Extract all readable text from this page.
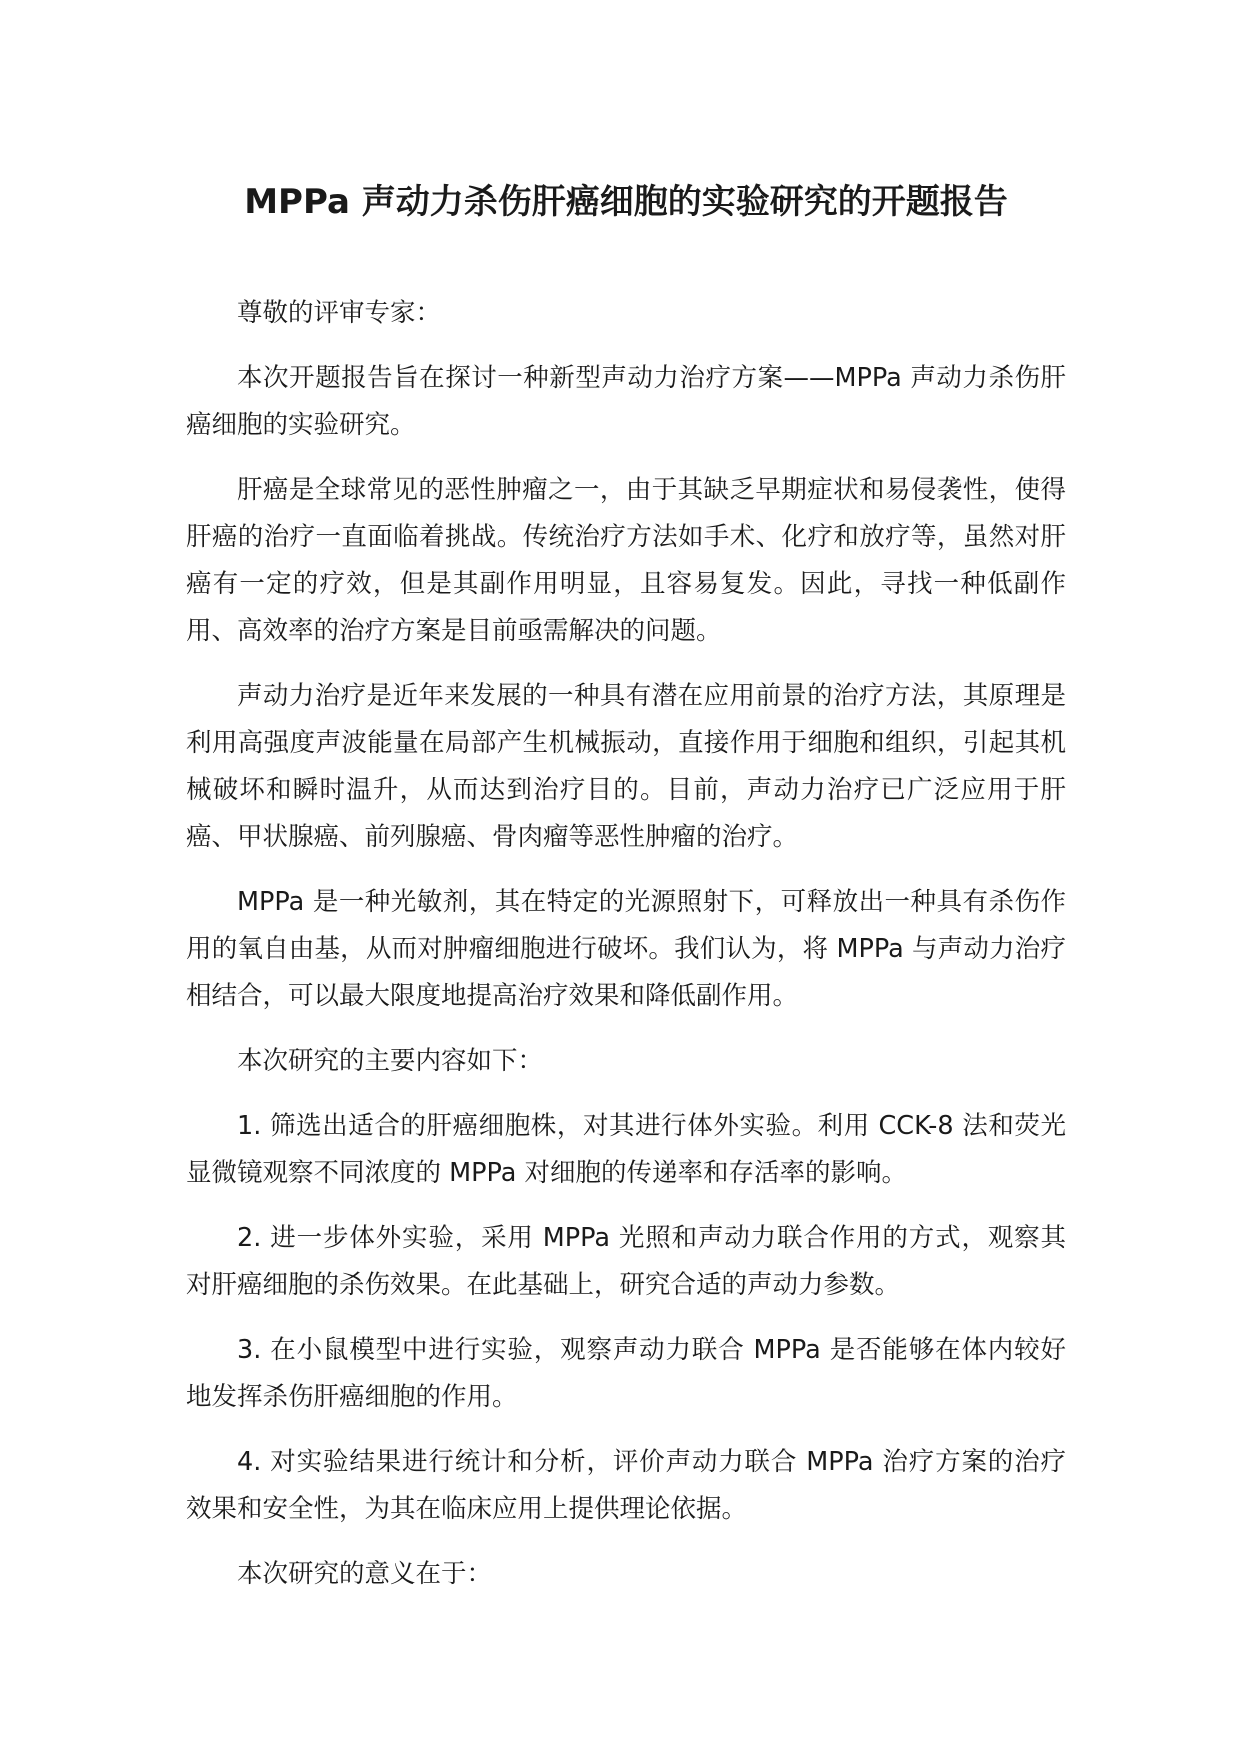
MPPa 声动力杀伤肝癌细胞的实验研究的开题报告

尊敬的评审专家：

本次开题报告旨在探讨一种新型声动力治疗方案——MPPa 声动力杀伤肝癌细胞的实验研究。

肝癌是全球常见的恶性肿瘤之一，由于其缺乏早期症状和易侵袭性，使得肝癌的治疗一直面临着挑战。传统治疗方法如手术、化疗和放疗等，虽然对肝癌有一定的疗效，但是其副作用明显，且容易复发。因此，寻找一种低副作用、高效率的治疗方案是目前亟需解决的问题。

声动力治疗是近年来发展的一种具有潜在应用前景的治疗方法，其原理是利用高强度声波能量在局部产生机械振动，直接作用于细胞和组织，引起其机械破坏和瞬时温升，从而达到治疗目的。目前，声动力治疗已广泛应用于肝癌、甲状腺癌、前列腺癌、骨肉瘤等恶性肿瘤的治疗。

MPPa 是一种光敏剂，其在特定的光源照射下，可释放出一种具有杀伤作用的氧自由基，从而对肿瘤细胞进行破坏。我们认为，将 MPPa 与声动力治疗相结合，可以最大限度地提高治疗效果和降低副作用。

本次研究的主要内容如下：

1. 筛选出适合的肝癌细胞株，对其进行体外实验。利用 CCK-8 法和荧光显微镜观察不同浓度的 MPPa 对细胞的传递率和存活率的影响。

2. 进一步体外实验，采用 MPPa 光照和声动力联合作用的方式，观察其对肝癌细胞的杀伤效果。在此基础上，研究合适的声动力参数。

3. 在小鼠模型中进行实验，观察声动力联合 MPPa 是否能够在体内较好地发挥杀伤肝癌细胞的作用。

4. 对实验结果进行统计和分析，评价声动力联合 MPPa 治疗方案的治疗效果和安全性，为其在临床应用上提供理论依据。

本次研究的意义在于：
